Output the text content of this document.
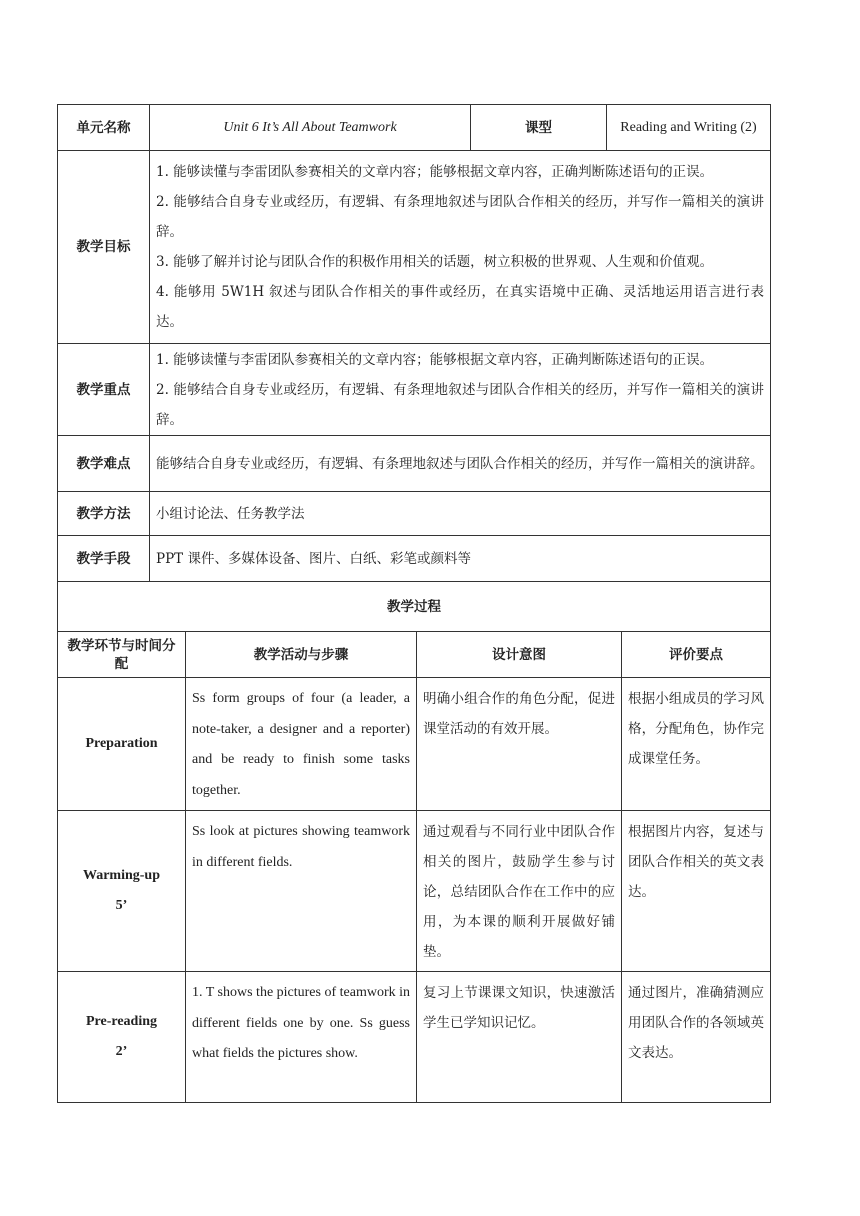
单元名称	Unit 6 It’s All About Teamwork	课型	Reading and Writing (2)
教学目标	1. 能够读懂与李雷团队参赛相关的文章内容；能够根据文章内容，正确判断陈述语句的正误。

2. 能够结合自身专业或经历，有逻辑、有条理地叙述与团队合作相关的经历，并写作一篇相关的演讲辞。

3. 能够了解并讨论与团队合作的积极作用相关的话题，树立积极的世界观、人生观和价值观。

4. 能够用 5W1H 叙述与团队合作相关的事件或经历，在真实语境中正确、灵活地运用语言进行表达。		

教学重点	1. 能够读懂与李雷团队参赛相关的文章内容；能够根据文章内容，正确判断陈述语句的正误。

2. 能够结合自身专业或经历，有逻辑、有条理地叙述与团队合作相关的经历，并写作一篇相关的演讲辞。		

教学难点	能够结合自身专业或经历，有逻辑、有条理地叙述与团队合作相关的经历，并写作一篇相关的演讲辞。		
教学方法	小组讨论法、任务教学法		
教学手段	PPT 课件、多媒体设备、图片、白纸、彩笔或颜料等		
教学过程			
教学环节与时间分配	教学活动与步骤	设计意图	评价要点

Preparation	Ss form groups of four (a leader, a note-taker, a designer and a reporter) and be ready to finish some tasks together.	明确小组合作的角色分配，促进课堂活动的有效开展。	根据小组成员的学习风格，分配角色，协作完成课堂任务。

Warming-up
5’	Ss look at pictures showing teamwork in different fields.	通过观看与不同行业中团队合作相关的图片，鼓励学生参与讨论，总结团队合作在工作中的应用，为本课的顺利开展做好铺垫。	根据图片内容，复述与团队合作相关的英文表达。

Pre-reading
2’	1. T shows the pictures of teamwork in different fields one by one. Ss guess what fields the pictures show.	复习上节课课文知识，快速激活学生已学知识记忆。	通过图片，准确猜测应用团队合作的各领域英文表达。
